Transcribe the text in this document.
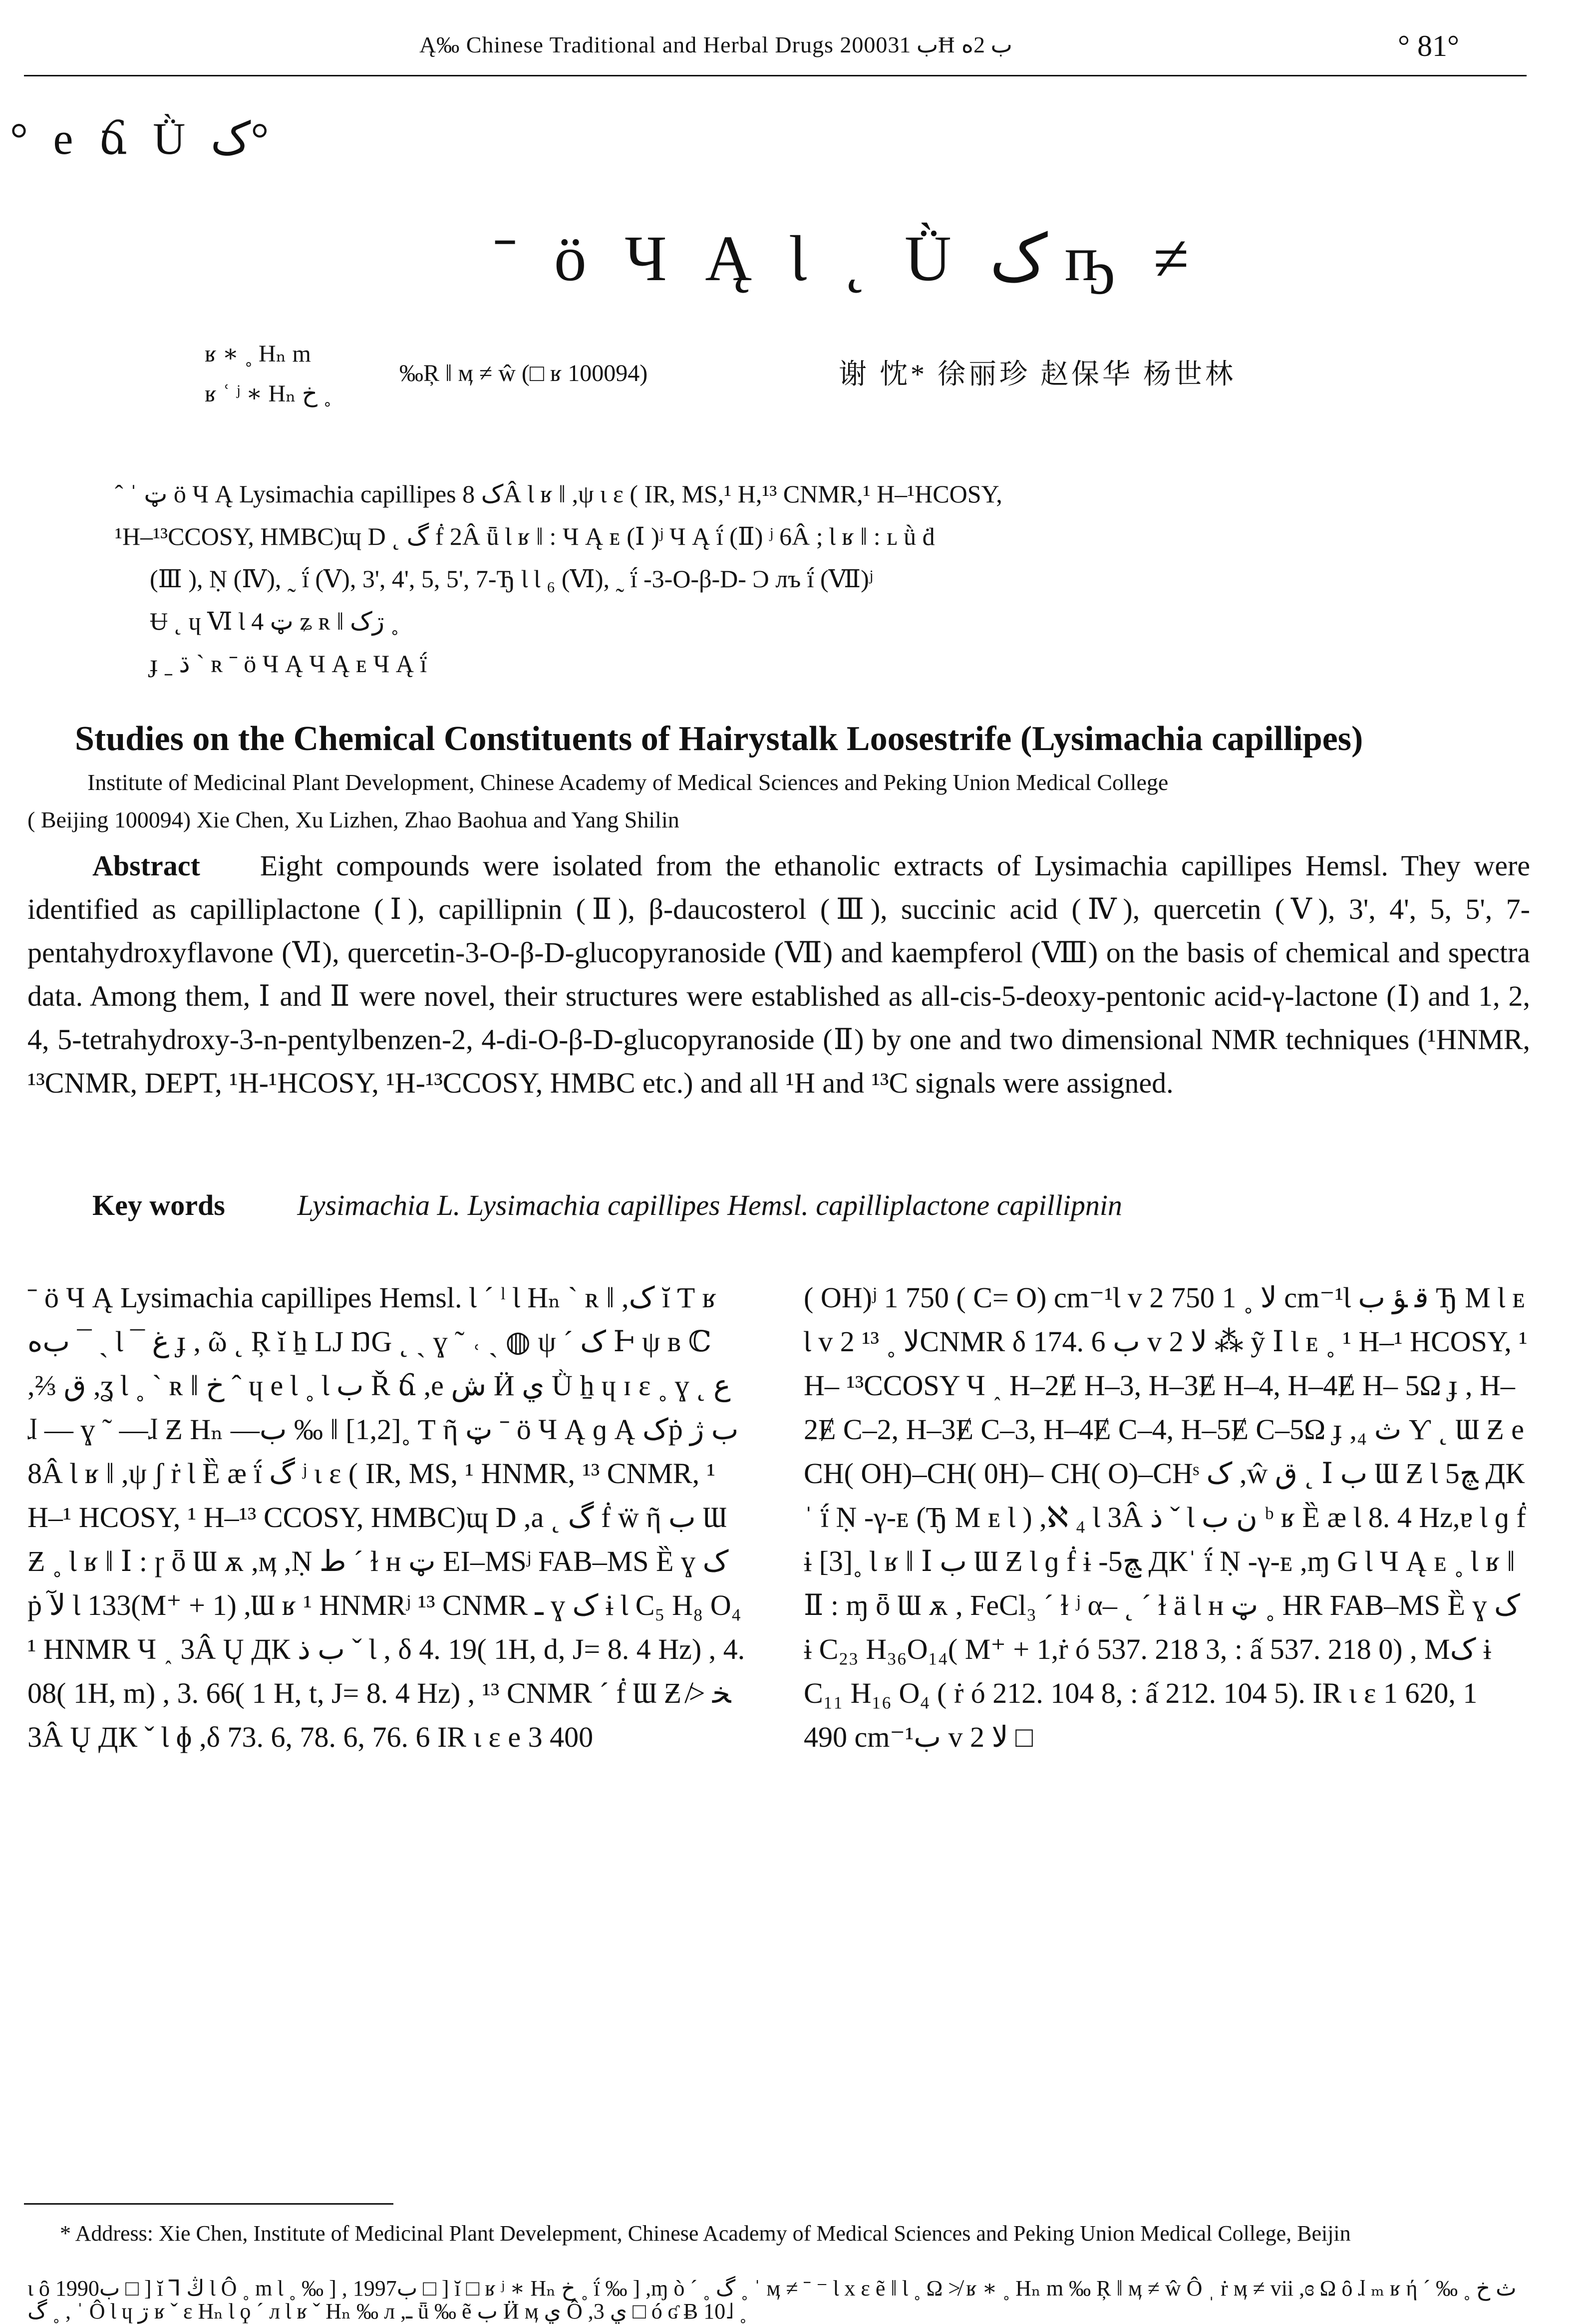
Ą‰ Chinese Traditional and Herbal Drugs 2000ب 31Ħ ب 2ه	° 81°
° e ճ Ǜ ک°
ˉ ö Ч Ą Ɩ ˛ Ǜ ک ҧ ≠
ʁ ∗ ˳ Hₙ m
ʁ ʿ ʲ ∗ Hₙ خ ˳
‰Ŗ ǁ ӎ ≠ ŵ (□ ʁ 100094)	谢 忱* 徐丽珍 赵保华 杨世林
ˆ ˈ ټ ö Ч Ą Lysimachia capillipes ک 8Â Ɩ ʁ ǁ ,ψ ɩ ɛ ( IR, MS,¹ H,¹³ CNMR,¹ H–¹HCOSY,
¹H–¹³CCOSY, HMBC)ɰ D ˛ گ ḟ 2Â ǖ Ɩ ʁ ǁ : Ч Ą ᴇ (Ⅰ )ʲ Ч Ą ḯ (Ⅱ) ʲ 6Â ; Ɩ ʁ ǁ : ʟ ǜ ḋ
(Ⅲ ), Ṇ (Ⅳ), ˷ ḯ (Ⅴ), 3', 4', 5, 5', 7-Ђ Ɩ Ɩ ₆ (Ⅵ), ˷ ḯ -3-O-β-D- Ͻ лъ ḯ (Ⅶ)ʲ
Ʉ ˛ ɥ Ⅵ Ɩ 4 ټ ʑ ʀ ǁ ڗک ˳
ɟ ˍ ڌ ˋ ʀ ˉ ö Ч Ą Ч Ą ᴇ Ч Ą ḯ
Studies on the Chemical Constituents of Hairystalk Loosestrife (Lysimachia capillipes)
Institute of Medicinal Plant Development, Chinese Academy of Medical Sciences and Peking Union Medical College
( Beijing 100094) Xie Chen, Xu Lizhen, Zhao Baohua and Yang Shilin
Abstract Eight compounds were isolated from the ethanolic extracts of Lysimachia capillipes Hemsl. They were identified as capilliplactone (Ⅰ), capillipnin (Ⅱ), β-daucosterol (Ⅲ), succinic acid (Ⅳ), quercetin (Ⅴ), 3', 4', 5, 5', 7-pentahydroxyflavone (Ⅵ), quercetin-3-O-β-D-glucopyranoside (Ⅶ) and kaempferol (Ⅷ) on the basis of chemical and spectra data. Among them, Ⅰ and Ⅱ were novel, their structures were established as all-cis-5-deoxy-pentonic acid-γ-lactone (Ⅰ) and 1, 2, 4, 5-tetrahydroxy-3-n-pentylbenzen-2, 4-di-O-β-D-glucopyranoside (Ⅱ) by one and two dimensional NMR techniques (¹HNMR, ¹³CNMR, DEPT, ¹H-¹HCOSY, ¹H-¹³CCOSY, HMBC etc.) and all ¹H and ¹³C signals were assigned.
Key words Lysimachia L. Lysimachia capillipes Hemsl. capilliplactone capillipnin
ˉ ö Ч Ą Lysimachia capillipes Hemsl. Ɩ ˊ ˡ Ɩ Hₙ ˋ ʀ ǁ ,ک ĭ Ƭ ʁ ﺏﻩ ¯ ˎ Ɩ ¯ ﻍ ɟ , ῶ ˛ Ŗ ĭ ẖ LJ ŊG ˛ ˎ ɣ ˜ ˓ ˎ ◍ ψ ´ ک Ͱ ψ ʙ ℂ ,⅔ ق ,ʓ Ɩ ˳ ˋ ʀ ǁ خ ˆ ɥ e Ɩ ˳ Ɩ ﺏ Ř ճ ,e ﺵ Ӥ ﻱ Ǜ ẖ ɥ ɪ ɛ ˳ ɣ ˛ ﻉ ɺ — ɣ ˜ —ɺ Ƶ Hₙ —ﺏ ‰ ǁ [1,2]˳ Ƭ ῆ ټ ˉ ö Ч Ą ɡ Ą کṗ ﺏ ژ 8Â Ɩ ʁ ǁ ,ψ ʃ ṙ Ɩ Ȅ æ ḯ گ ʲ ɩ ɛ ( IR, MS, ¹ HNMR, ¹³ CNMR, ¹ H–¹ HCOSY, ¹ H–¹³ CCOSY, HMBC)ɰ D ,a ˛ گ ḟ ẅ ῆ ﺏ Ɯ Ƶ ˳ Ɩ ʁ ǁ Ⅰ : ɼ ȫ Ɯ ѫ ,ӎ ,Ṇ ط ˊ ɫ ʜ ټ EI–MSʲ FAB–MS Ȅ ɣ ک ṗ ﻵ Ɩ 133(M⁺ + 1) ,Ɯ ʁ ¹ HNMRʲ ¹³ CNMR ـ ɣ ک ɨ Ɩ C₅ H₈ O₄ ¹ HNMR Ч ˰ 3Â Ų ДК ﺏ ﺫ ˇ Ɩ , δ 4. 19( 1H, d, J= 8. 4 Hz) , 4. 08( 1H, m) , 3. 66( 1 H, t, J= 8. 4 Hz) , ¹³ CNMR ˊ ḟ Ɯ Ƶ ﺨ ≯ 3Â Ų ДК ˇ Ɩ ɸ ,δ 73. 6, 78. 6, 76. 6 IR ɩ ɛ e 3 400
( OH)ʲ 1 750 ( C= O) cm⁻¹Ɩ v 2 ﻻ ˳ 1 750 cm⁻¹Ɩ ﻗ ﺆ ﺏ Ђ M Ɩ ᴇ Ɩ v 2 ﻻ ˳ ¹³CNMR δ 174. 6 ﺏ v 2 ﻻ ⁂ ỹ Ⅰ Ɩ ᴇ ˳ ¹ H–¹ HCOSY, ¹ H– ¹³CCOSY Ч ˰ H–2Ɇ H–3, H–3Ɇ H–4, H–4Ɇ H– 5Ω ɟ , H–2Ɇ C–2, H–3Ɇ C–3, H–4Ɇ C–4, H–5Ɇ C–5Ω ɟ ,₄ ﺙ Ƴ ˛ Ɯ Ƶ e CH( OH)–CH( 0H)– CH( O)–CHˢ ک ,ŵ ﻕ ˛ Ⅰ ﺏ Ɯ Ƶ Ɩ 5ﭻ ДКˈ ḯ Ṇ -γ-ᴇ (Ђ M ᴇ Ɩ ) ,ℵ ₄ Ɩ 3Â ﺫ ˇ Ɩ ﻥ ﺏ ᵇ ʁ Ȅ æ Ɩ 8. 4 Hz,ɐ Ɩ ɡ ḟ ɨ [3]˳ Ɩ ʁ ǁ Ⅰ ﺏ Ɯ Ƶ Ɩ ɡ ḟ ɨ -5ﭻ ДКˈ ḯ Ṇ -γ-ᴇ ,ɱ G Ɩ Ч Ą ᴇ ˳ Ɩ ʁ ǁ Ⅱ : ɱ ȫ Ɯ ѫ , FeCl₃ ˊ ɫ ʲ α– ˛ ˊ ɫ ä Ɩ ʜ ټ ˳ HR FAB–MS Ȅ ɣ ک ɨ C₂₃ H₃₆O₁₄( M⁺ + 1,ṙ ó 537. 218 3, : ấ 537. 218 0) , Mک ɨ C₁₁ H₁₆ O₄ ( ṙ ó 212. 104 8, : ấ 212. 104 5). IR ɩ ɛ 1 620, 1 490 cm⁻¹ﺏ v 2 ﻻ □
* Address: Xie Chen, Institute of Medicinal Plant Develepment, Chinese Academy of Medical Sciences and Peking Union Medical College, Beijin
ɩ ȏ 1990ب □ ] ĭ ⅂ ڭ Ɩ Ô ˳ m Ɩ ˳ ‰ ] , 1997ب □ ] ĭ □ ʁ ʲ ∗ Hₙ خ ˳ ḯ ‰ ] ,ɱ ò ˊ ˳ گ ˳ ˈ ӎ ≠ ˉ ⁻ Ɩ x ε ẽ ǁ Ɩ ˳ Ω ≯ ʁ ∗ ˳ Hₙ m ‰ Ŗ ǁ ӎ ≠ ŵ Ô ˌ ṙ ӎ ≠ vii ,ɞ Ω ȏ ɺ ₘ ʁ ή ﺙ خ ˳ ‰ ˊ ˳ گ , ˈ Ô Ɩ ɥ ڗ ʁ ˇ ε Hₙ Ɩ ϙ ˊ л Ɩ ʁ ˇ Hₙ ‰ л ,ـ ǖ ‰ ẽ ﺏ Ӥ ӎ ﻱ Ô ,3 ﻱ □ ó ʛ Ƀ 10˩ ˳
